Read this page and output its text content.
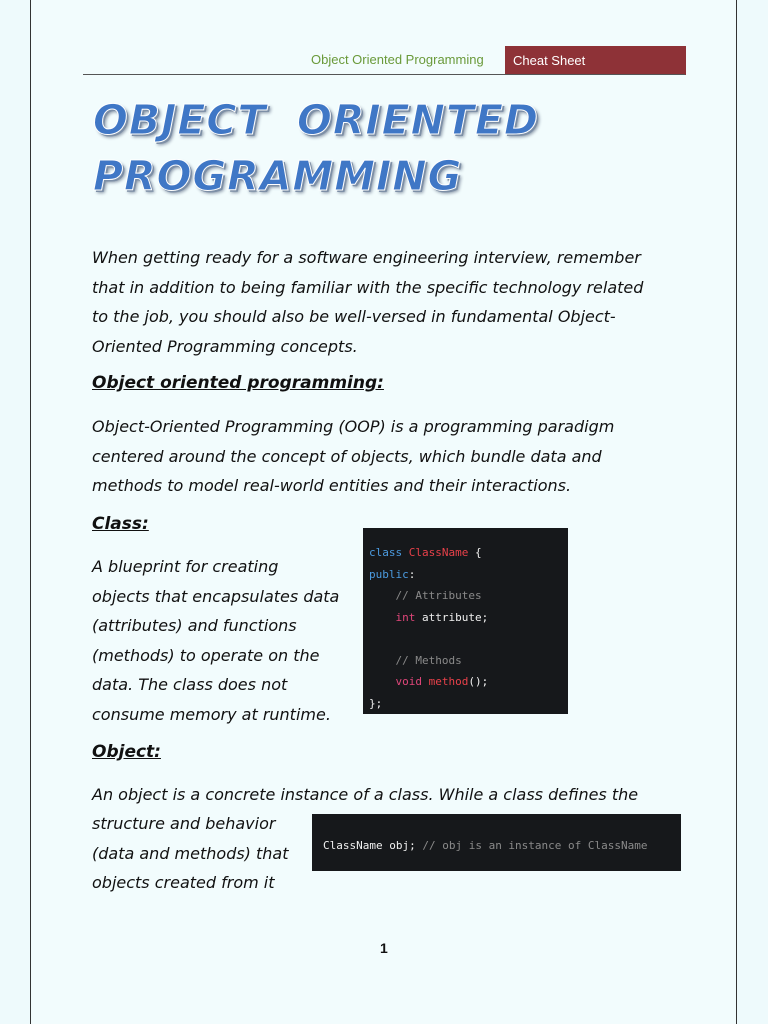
Object Oriented Programming	Cheat Sheet
OBJECT  ORIENTED
PROGRAMMING
When getting ready for a software engineering interview, remember
that in addition to being familiar with the specific technology related
to the job, you should also be well-versed in fundamental Object-
Oriented Programming concepts.
Object oriented programming:
Object-Oriented Programming (OOP) is a programming paradigm
centered around the concept of objects, which bundle data and
methods to model real-world entities and their interactions.
Class:
A blueprint for creating
objects that encapsulates data
(attributes) and functions
(methods) to operate on the
data. The class does not
consume memory at runtime.
class ClassName {
public:
// Attributes
int attribute;

// Methods
void method();
};
Object:
An object is a concrete instance of a class. While a class defines the
structure and behavior
(data and methods) that
objects created from it
ClassName obj; // obj is an instance of ClassName
1
